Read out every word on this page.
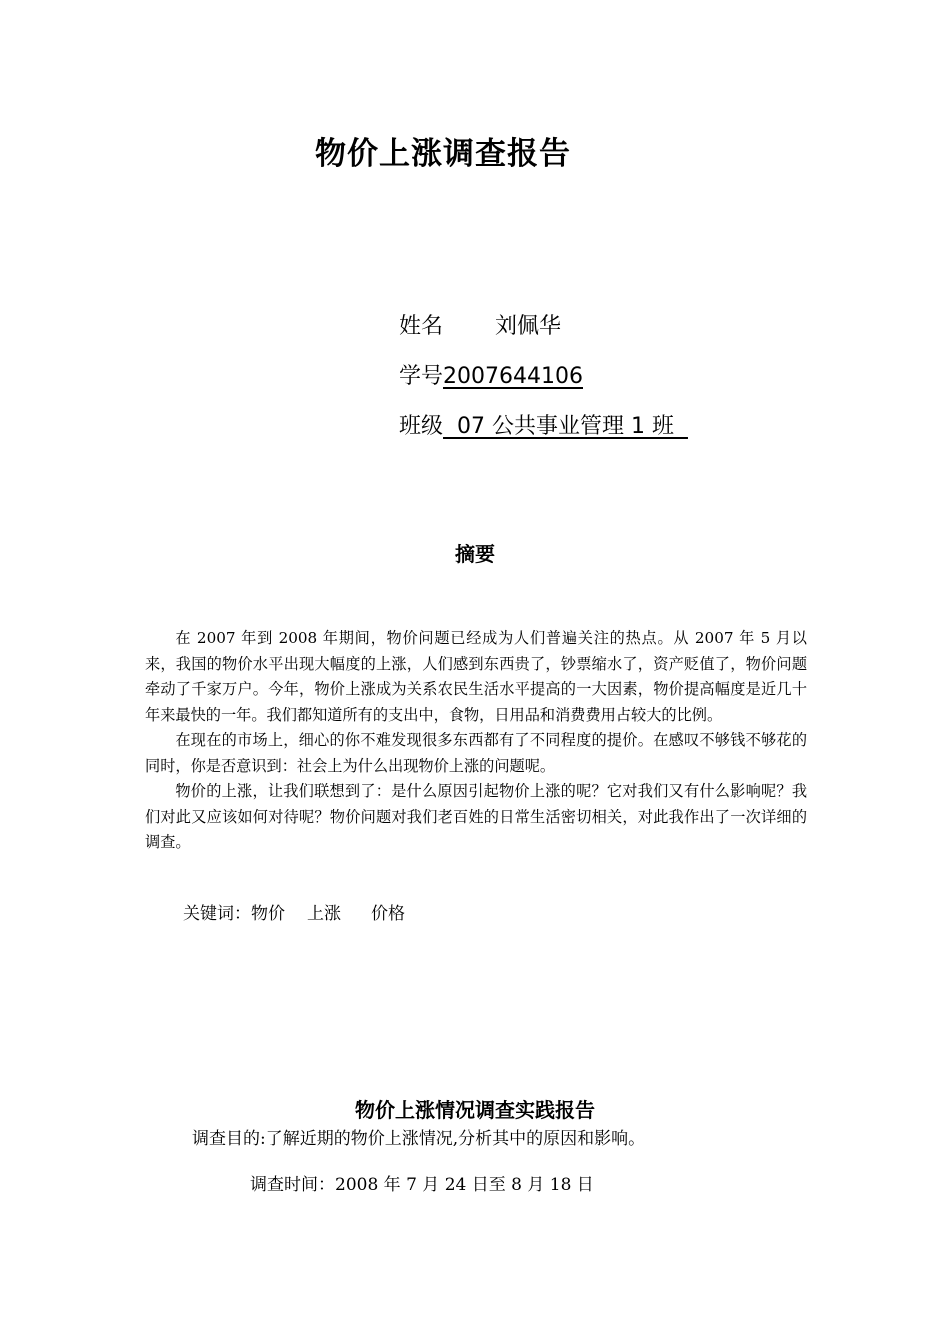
物价上涨调查报告
姓名 刘佩华
学号2007644106
班级  07 公共事业管理 1 班
摘要

在 2007 年到 2008 年期间，物价问题已经成为人们普遍关注的热点。从 2007 年 5 月以来，我国的物价水平出现大幅度的上涨，人们感到东西贵了，钞票缩水了，资产贬值了，物价问题牵动了千家万户。今年，物价上涨成为关系农民生活水平提高的一大因素，物价提高幅度是近几十年来最快的一年。我们都知道所有的支出中，食物，日用品和消费费用占较大的比例。

在现在的市场上，细心的你不难发现很多东西都有了不同程度的提价。在感叹不够钱不够花的同时，你是否意识到：社会上为什么出现物价上涨的问题呢。

物价的上涨，让我们联想到了：是什么原因引起物价上涨的呢？它对我们又有什么影响呢？我们对此又应该如何对待呢？物价问题对我们老百姓的日常生活密切相关，对此我作出了一次详细的调查。

关键词：物价 上涨 价格
物价上涨情况调查实践报告
调查目的:了解近期的物价上涨情况,分析其中的原因和影响。
调查时间：2008 年 7 月 24 日至 8 月 18 日
